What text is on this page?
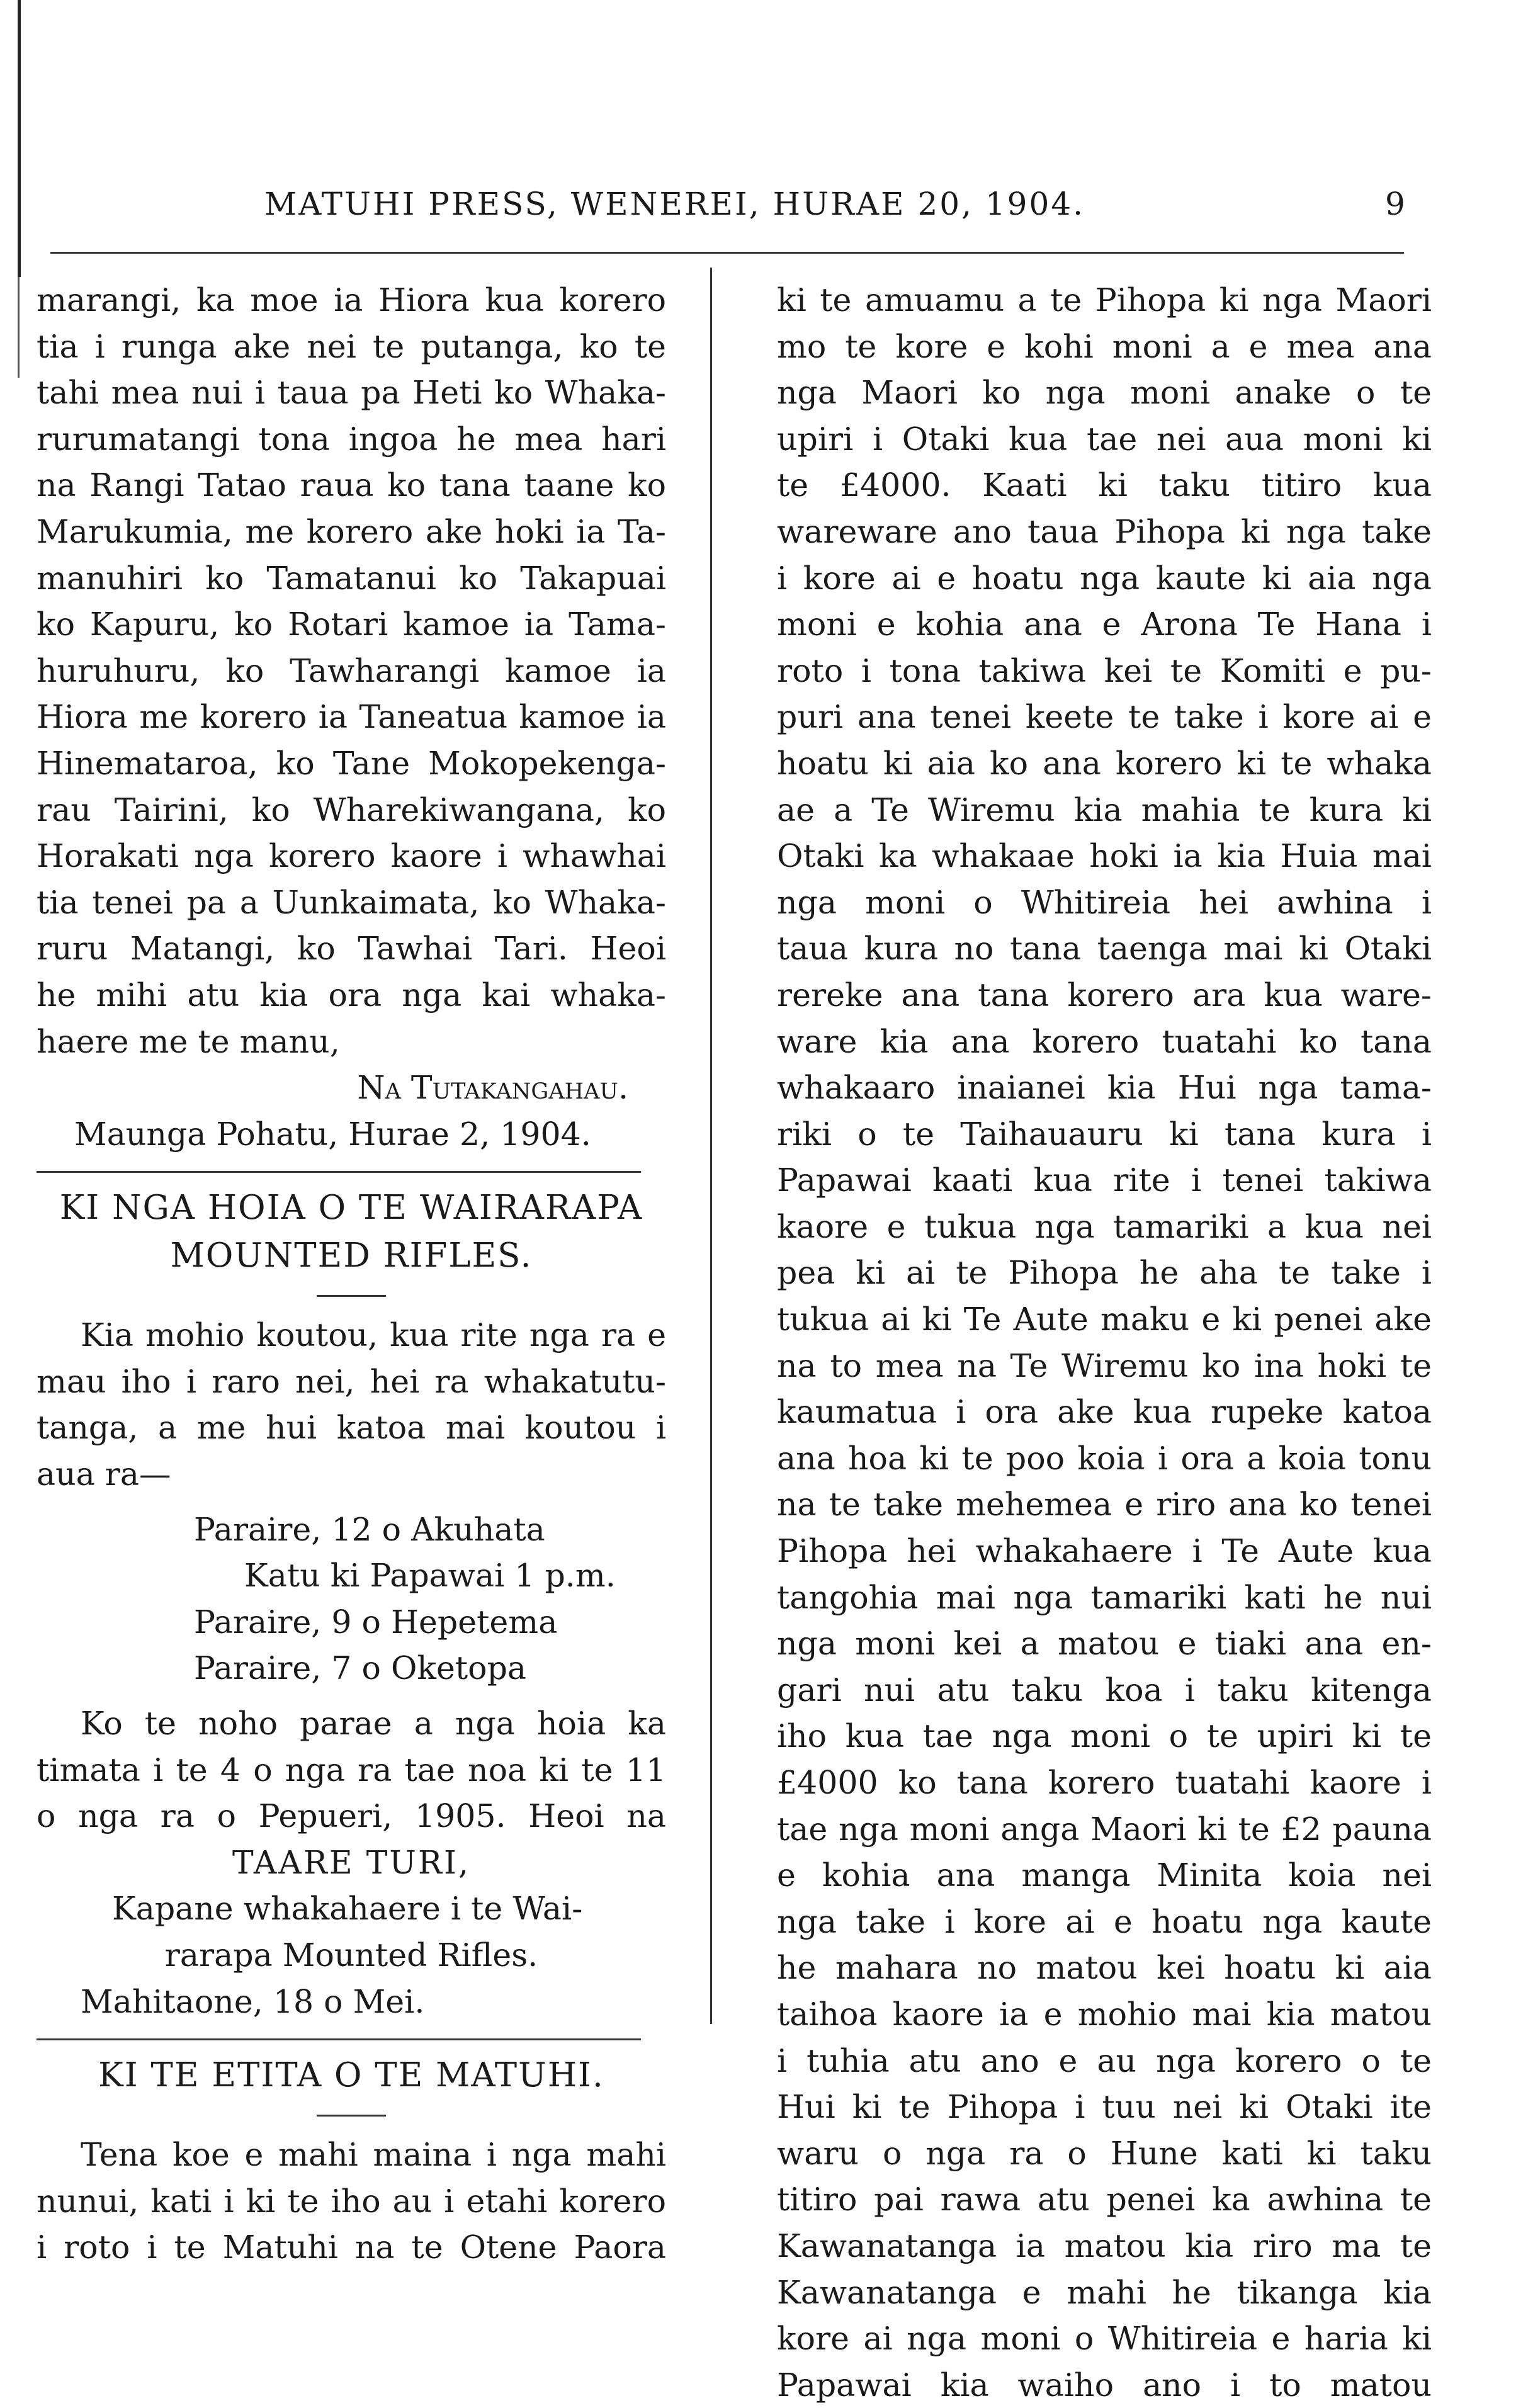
MATUHI PRESS, WENEREI, HURAE 20, 1904.	9
marangi, ka moe ia Hiora kua korero
tia i runga ake nei te putanga, ko te
tahi mea nui i taua pa Heti ko Whaka-
rurumatangi tona ingoa he mea hari
na Rangi Tatao raua ko tana taane ko
Marukumia, me korero ake hoki ia Ta-
manuhiri ko Tamatanui ko Takapuai
ko Kapuru, ko Rotari kamoe ia Tama-
huruhuru, ko Tawharangi kamoe ia
Hiora me korero ia Taneatua kamoe ia
Hinematarоа, ko Tane Mokopekenga-
rau Tairini, ko Wharekiwangana, ko
Horakati nga korero kaore i whawhai
tia tenei pa a Uunkaimata, ko Whaka-
ruru Matangi, ko Tawhai Tari. Heoi
he mihi atu kia ora nga kai whaka-
haere me te manu,
Na Tutakangahau.
Maunga Pohatu, Hurae 2, 1904.
KI NGA HOIA O TE WAIRARAPA
MOUNTED RIFLES.
Kia mohio koutou, kua rite nga ra e
mau iho i raro nei, hei ra whakatutu-
tanga, a me hui katoa mai koutou i
aua ra—
Paraire, 12 o Akuhata
Katu ki Papawai 1 p.m.
Paraire, 9 o Hepetema
Paraire, 7 o Oketopa
Ko te noho parae a nga hoia ka
timata i te 4 o nga ra tae noa ki te 11
o nga ra o Pepueri, 1905. Heoi na
TAARE TURI,
Kapane whakahaere i te Wai-
rarapa Mounted Rifles.
Mahitaone, 18 o Mei.
KI TE ETITA O TE MATUHI.
Tena koe e mahi maina i nga mahi
nunui, kati i ki te iho au i etahi korero
i roto i te Matuhi na te Otene Paora
ki te amuamu a te Pihopa ki nga Maori
mo te kore e kohi moni a e mea ana
nga Maori ko nga moni anake o te
upiri i Otaki kua tae nei aua moni ki
te £4000. Kaati ki taku titiro kua
wareware ano taua Pihopa ki nga take
i kore ai e hoatu nga kaute ki aia nga
moni e kohia ana e Arona Te Hana i
roto i tona takiwa kei te Komiti e pu-
puri ana tenei keete te take i kore ai e
hoatu ki aia ko ana korero ki te whaka
ae a Te Wiremu kia mahia te kura ki
Otaki ka whakaae hoki ia kia Huia mai
nga moni o Whitireia hei awhina i
taua kura no tana taenga mai ki Otaki
rereke ana tana korero ara kua ware-
ware kia ana korero tuatahi ko tana
whakaaro inaianei kia Hui nga tama-
riki o te Taihauauru ki tana kura i
Papawai kaati kua rite i tenei takiwa
kaore e tukua nga tamariki a kua nei
pea ki ai te Pihopa he aha te take i
tukua ai ki Te Aute maku e ki penei ake
na to mea na Te Wiremu ko ina hoki te
kaumatua i ora ake kua rupeke katoa
ana hoa ki te poo koia i ora a koia tonu
na te take mehemea e riro ana ko tenei
Pihopa hei whakahaere i Te Aute kua
tangohia mai nga tamariki kati he nui
nga moni kei a matou e tiaki ana en-
gari nui atu taku koa i taku kitenga
iho kua tae nga moni o te upiri ki te
£4000 ko tana korero tuatahi kaore i
tae nga moni anga Maori ki te £2 pauna
e kohia ana manga Minita koia nei
nga take i kore ai e hoatu nga kaute
he mahara no matou kei hoatu ki aia
taihoa kaore ia e mohio mai kia matou
i tuhia atu ano e au nga korero o te
Hui ki te Pihopa i tuu nei ki Otaki ite
waru o nga ra o Hune kati ki taku
titiro pai rawa atu penei ka awhina te
Kawanatanga ia matou kia riro ma te
Kawanatanga e mahi he tikanga kia
kore ai nga moni o Whitireia e haria ki
Papawai kia waiho ano i to matou
